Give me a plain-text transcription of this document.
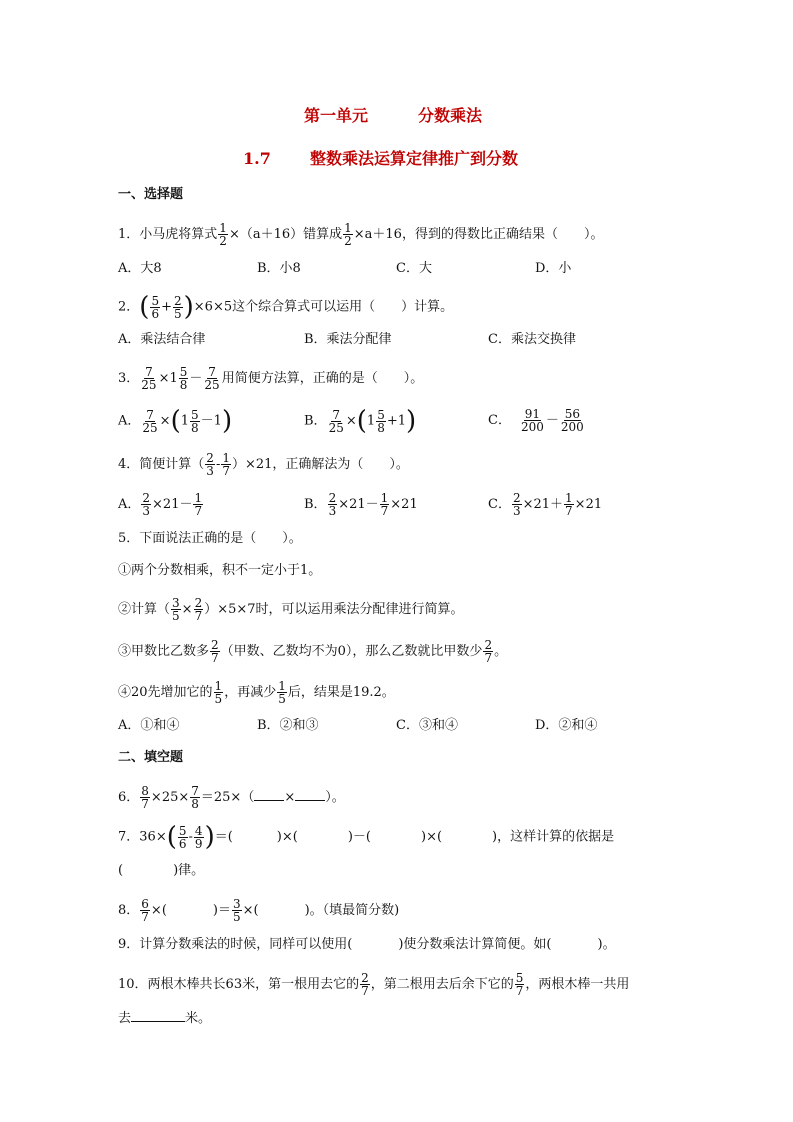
第一单元	分数乘法
1.7 整数乘法运算定律推广到分数
一、选择题
1．小马虎将算式 $\frac{1}{2} \times(a+16)$错算成 $\frac{1}{2} \times a+16$，得到的得数比正确结果（　　）。
A．大8	B．小8	C．大	D．小
2．( $\frac{5}{6} + \frac{2}{5} )\times 6\times 5$这个综合算式可以运用（　　）计算。
A．乘法结合律	B．乘法分配律	C．乘法交换律
3． $\frac{7}{25} \times 1 \frac{5}{8} - \frac{7}{25}$ 用简便方法算，正确的是（　　）。
A． $\frac{7}{25} \times(1 \frac{5}{8} -1)$	B． $\frac{7}{25} \times(1 \frac{5}{8} +1)$	C． $\frac{91}{200} - \frac{56}{200}$
4．简便计算（ $\frac{2}{3} - \frac{1}{7} )\times 21$，正确解法为（　　）。
A． $\frac{2}{3} \times 21- \frac{1}{7}$	B． $\frac{2}{3} \times 21- \frac{1}{7} \times 21$	C． $\frac{2}{3} \times 21+ \frac{1}{7} \times 21$
5．下面说法正确的是（　　）。
①两个分数相乘，积不一定小于1。
②计算（ $\frac{3}{5} \times \frac{2}{7} )\times 5\times 7$时，可以运用乘法分配律进行简算。
③甲数比乙数多 $\frac{2}{7}$ （甲数、乙数均不为0），那么乙数就比甲数少 $\frac{2}{7}$ 。
④20先增加它的 $\frac{1}{5}$ ，再减少 $\frac{1}{5}$ 后，结果是19.2。
A．①和④	B．②和③	C．③和④	D．②和④
二、填空题
6． $\frac{8}{7} \times 25\times \frac{7}{8} =25\times$（ × ）。
7．$36\times( \frac{5}{6} - \frac{4}{9}$ )＝(	)×(	)－(	)×(	)，这样计算的依据是
(	)律。
8． $\frac{6}{7}$ ×(	)＝ $\frac{3}{5}$ ×(	)。（填最简分数)
9．计算分数乘法的时候，同样可以使用(	)使分数乘法计算简便。如(	)。
10．两根木棒共长63米，第一根用去它的 $\frac{2}{7}$ ，第二根用去后余下它的 $\frac{5}{7}$ ，两根木棒一共用
去	米。
